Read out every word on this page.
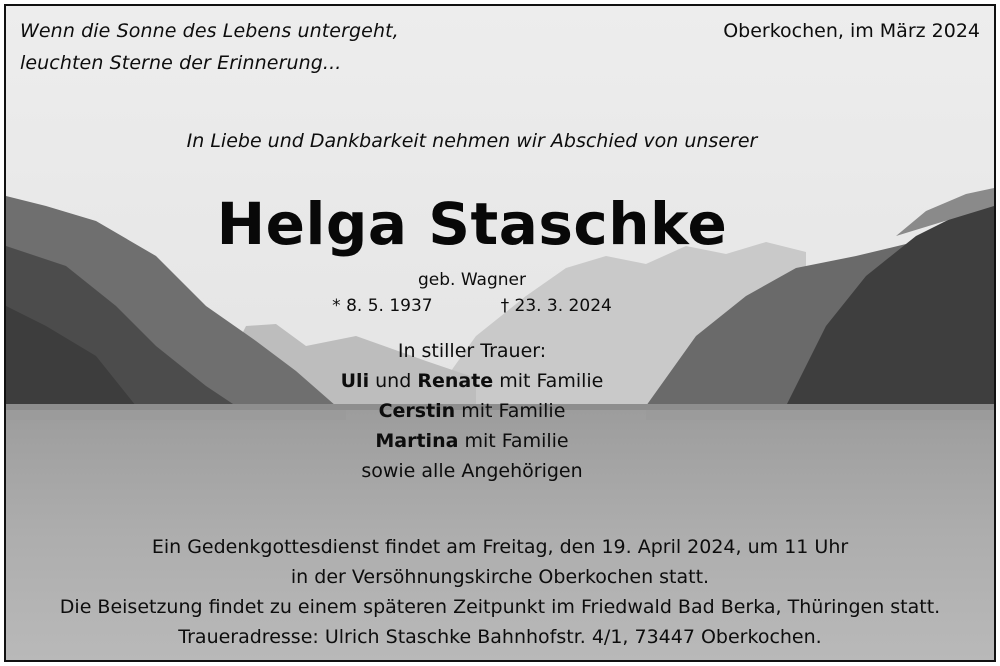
Wenn die Sonne des Lebens untergeht,
leuchten Sterne der Erinnerung...
Oberkochen, im März 2024
In Liebe und Dankbarkeit nehmen wir Abschied von unserer
Helga Staschke
geb. Wagner
* 8. 5. 1937	† 23. 3. 2024
In stiller Trauer:
Uli und Renate mit Familie
Cerstin mit Familie
Martina mit Familie
sowie alle Angehörigen
Ein Gedenkgottesdienst findet am Freitag, den 19. April 2024, um 11 Uhr
in der Versöhnungskirche Oberkochen statt.
Die Beisetzung findet zu einem späteren Zeitpunkt im Friedwald Bad Berka, Thüringen statt.
Traueradresse: Ulrich Staschke Bahnhofstr. 4/1, 73447 Oberkochen.
